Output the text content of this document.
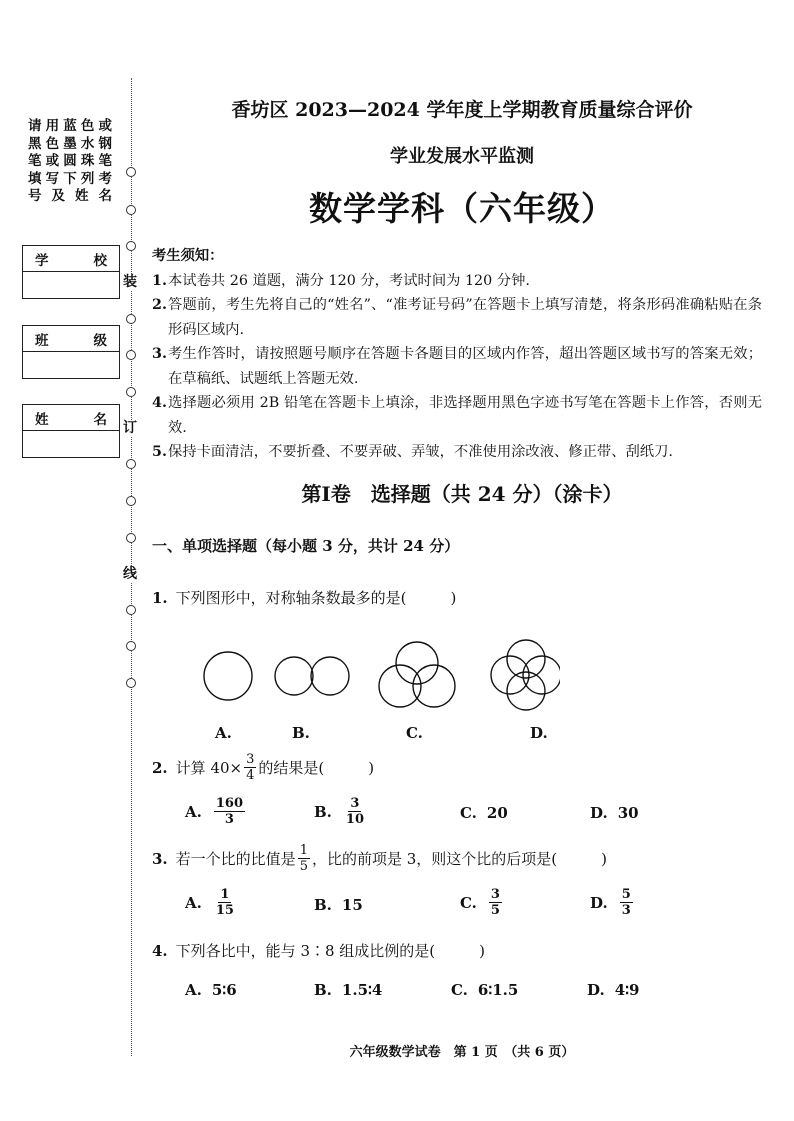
请用蓝色或
黑色墨水钢
笔或圆珠笔
填写下列考
号及姓名
学	校
班	级
姓	名
装
订
线
香坊区 2023—2024 学年度上学期教育质量综合评价
学业发展水平监测
数学学科（六年级）
考生须知：
1. 本试卷共 26 道题，满分 120 分，考试时间为 120 分钟.
2. 答题前，考生先将自己的“姓名”、“准考证号码”在答题卡上填写清楚，将条形码准确粘贴在条形码区域内.
3. 考生作答时，请按照题号顺序在答题卡各题目的区域内作答，超出答题区域书写的答案无效；在草稿纸、试题纸上答题无效.
4. 选择题必须用 2B 铅笔在答题卡上填涂，非选择题用黑色字迹书写笔在答题卡上作答，否则无效.
5. 保持卡面清洁，不要折叠、不要弄破、弄皱，不准使用涂改液、修正带、刮纸刀.
第Ⅰ卷　选择题（共 24 分）（涂卡）
一、单项选择题（每小题 3 分，共计 24 分）
1. 下列图形中，对称轴条数最多的是(	)
A.	B.	C.	D.
2. 计算 $40\times \frac{3}{4}$ 的结果是(	)
A. $\frac{160}{3}$	B. $\frac{3}{10}$	C. 20	D. 30
3. 若一个比的比值是 $\frac{1}{5}$ ，比的前项是 3，则这个比的后项是(	)
A. $\frac{1}{15}$	B. 15	C. $\frac{3}{5}$	D. $\frac{5}{3}$
4. 下列各比中，能与 3∶8 组成比例的是(	)
A. 5∶6	B. 1.5∶4	C. 6∶1.5	D. 4∶9
六年级数学试卷　第 1 页　（共 6 页）
